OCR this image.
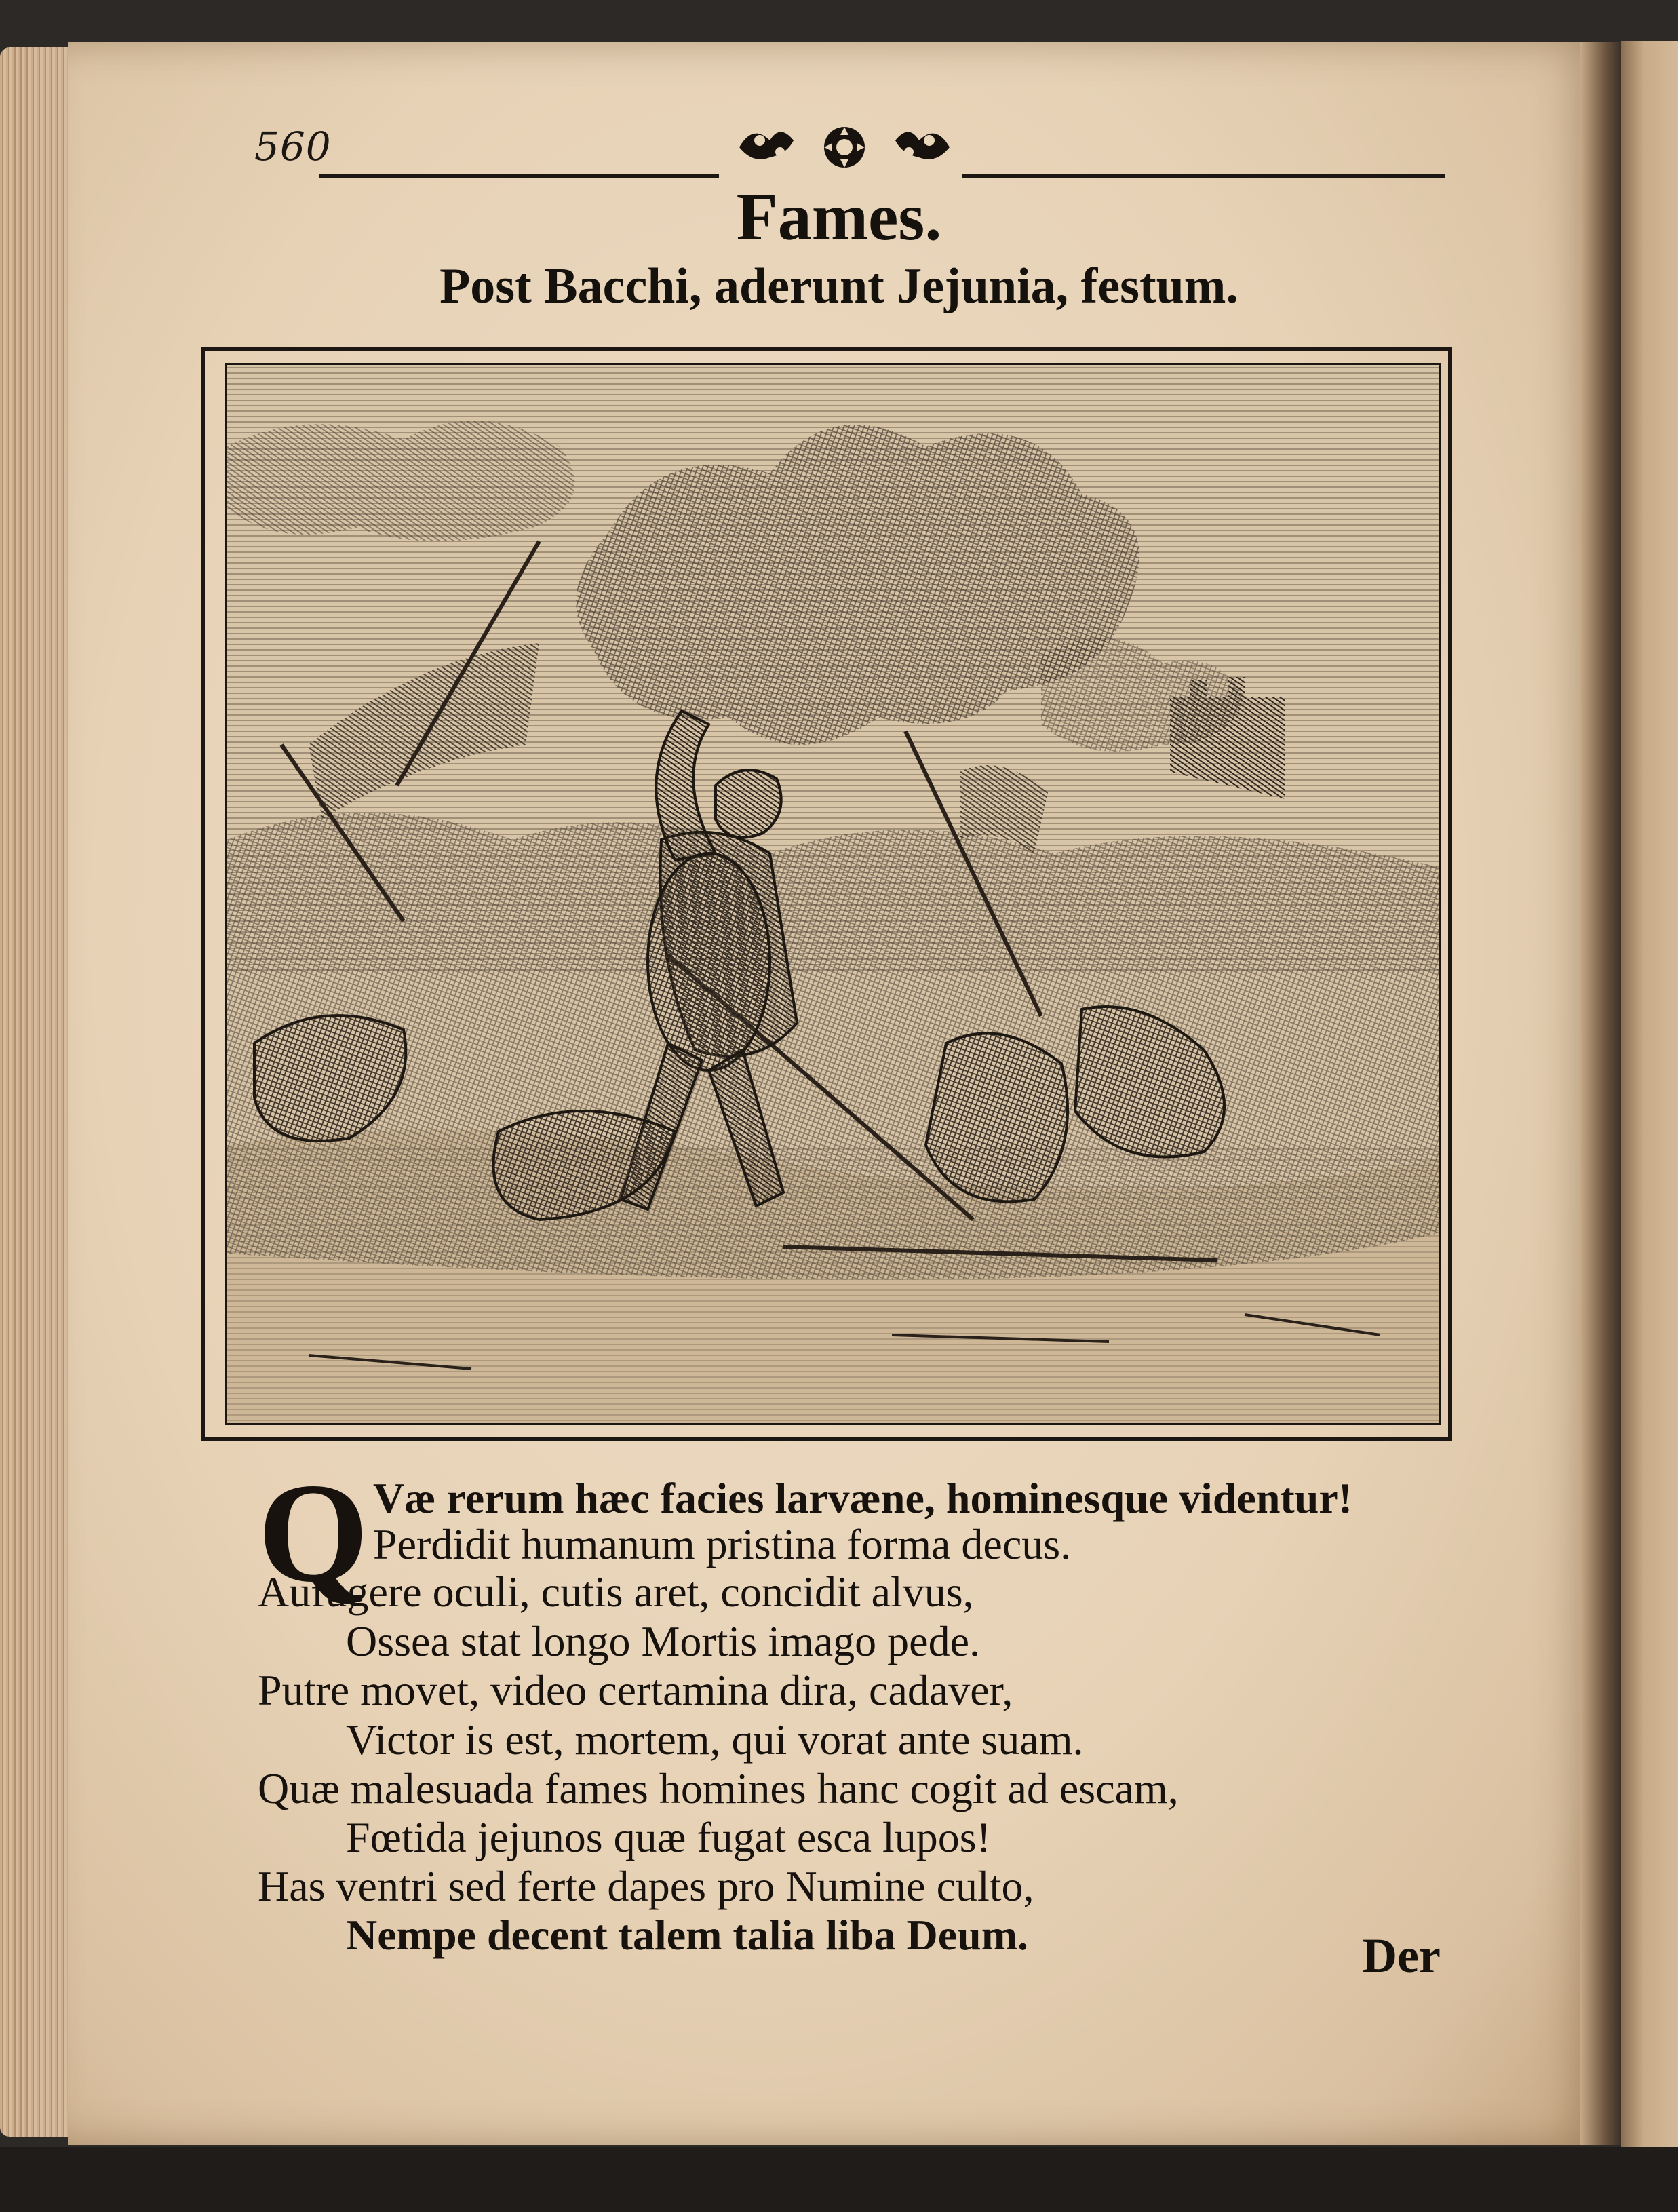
560
Fames.
Post Bacchi, aderunt Jejunia, festum.
Q Væ rerum hæc facies larvæne, hominesque videntur!
Perdidit humanum pristina forma decus.
Aufugere oculi, cutis aret, concidit alvus,
Ossea stat longo Mortis imago pede.
Putre movet, video certamina dira, cadaver,
Victor is est, mortem, qui vorat ante suam.
Quæ malesuada fames homines hanc cogit ad escam,
Fœtida jejunos quæ fugat esca lupos!
Has ventri sed ferte dapes pro Numine culto,
Nempe decent talem talia liba Deum.	Der
